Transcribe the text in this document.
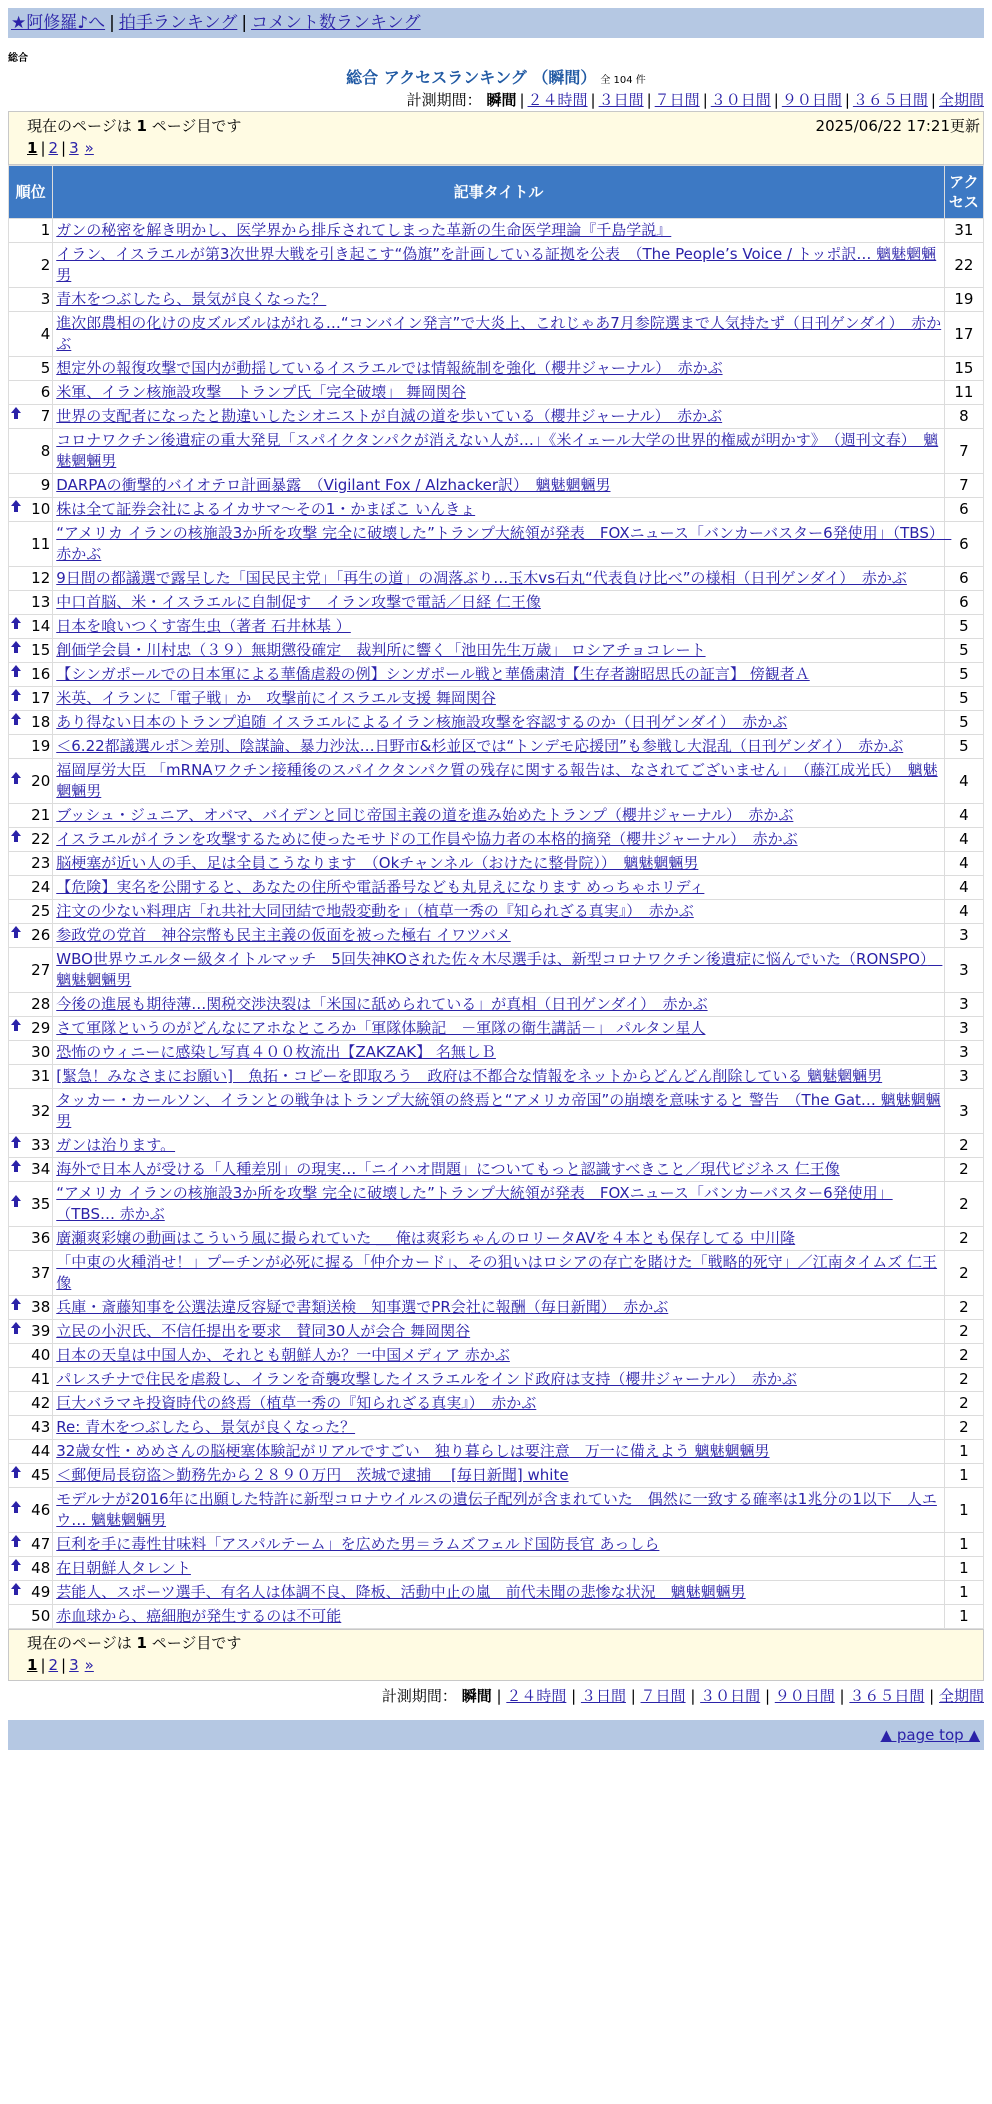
★阿修羅♪へ | 拍手ランキング | コメント数ランキング
総合
総合 アクセスランキング （瞬間） 全 104 件
計測期間： 瞬間 | ２４時間 | ３日間 | ７日間 | ３０日間 | ９０日間 | ３６５日間 | 全期間
現在のページは 1 ページ目です	2025/06/22 17:21更新
1 | 2 | 3 »
順位	記事タイトル	アクセス
1	ガンの秘密を解き明かし、医学界から排斥されてしまった革新の生命医学理論『千島学説』	31
2	イラン、イスラエルが第3次世界大戦を引き起こす“偽旗”を計画している証拠を公表　（The People’s Voice / トッポ訳… 魑魅魍魎男	22
3	青木をつぶしたら、景気が良くなった？	19
4	進次郎農相の化けの皮ズルズルはがれる…“コンバイン発言”で大炎上、これじゃあ7月参院選まで人気持たず（日刊ゲンダイ）　赤かぶ	17
5	想定外の報復攻撃で国内が動揺しているイスラエルでは情報統制を強化（櫻井ジャーナル）　赤かぶ	15
6	米軍、イラン核施設攻撃　トランプ氏「完全破壊」 舞岡関谷	11

7	世界の支配者になったと勘違いしたシオニストが自滅の道を歩いている（櫻井ジャーナル）　赤かぶ	8
8	コロナワクチン後遺症の重大発見「スパイクタンパクが消えない人が…」《米イェール大学の世界的権威が明かす》　（週刊文春）　魑魅魍魎男	7
9	DARPAの衝撃的バイオテロ計画暴露　（Vigilant Fox / Alzhacker訳）　魑魅魍魎男	7

10	株は全て証券会社によるイカサマ〜その1・かまぼこ いんきょ	6
11	“アメリカ イランの核施設3か所を攻撃 完全に破壊した”トランプ大統領が発表　FOXニュース「バンカーバスター6発使用」（TBS）　赤かぶ	6
12	9日間の都議選で露呈した「国民民主党」「再生の道」の凋落ぶり…玉木vs石丸“代表負け比べ”の様相（日刊ゲンダイ）　赤かぶ	6
13	中口首脳、米・イスラエルに自制促す　イラン攻撃で電話／日経 仁王像	6

14	日本を喰いつくす寄生虫（著者 石井林基 ）	5

15	創価学会員・川村忠（３９）無期懲役確定　裁判所に響く「池田先生万歳」 ロシアチョコレート	5

16	【シンガポールでの日本軍による華僑虐殺の例】シンガポール戦と華僑粛清【生存者謝昭思氏の証言】 傍観者Ａ	5

17	米英、イランに「電子戦」か　攻撃前にイスラエル支援 舞岡関谷	5

18	あり得ない日本のトランプ追随 イスラエルによるイラン核施設攻撃を容認するのか（日刊ゲンダイ）　赤かぶ	5
19	＜6.22都議選ルポ＞差別、陰謀論、暴力沙汰…日野市&杉並区では“トンデモ応援団”も参戦し大混乱（日刊ゲンダイ）　赤かぶ	5

20	福岡厚労大臣 「mRNAワクチン接種後のスパイクタンパク質の残存に関する報告は、なされてございません」　（藤江成光氏）　魑魅魍魎男	4
21	ブッシュ・ジュニア、オバマ、バイデンと同じ帝国主義の道を進み始めたトランプ（櫻井ジャーナル）　赤かぶ	4

22	イスラエルがイランを攻撃するために使ったモサドの工作員や協力者の本格的摘発（櫻井ジャーナル）　赤かぶ	4
23	脳梗塞が近い人の手、足は全員こうなります　（Okチャンネル（おけたに整骨院））　魑魅魍魎男	4
24	【危険】実名を公開すると、あなたの住所や電話番号なども丸見えになります めっちゃホリディ	4
25	注文の少ない料理店「れ共社大同団結で地殻変動を」（植草一秀の『知られざる真実』）　赤かぶ	4

26	参政党の党首　神谷宗幣も民主主義の仮面を被った極右 イワツバメ	3
27	WBO世界ウエルター級タイトルマッチ　5回失神KOされた佐々木尽選手は、新型コロナワクチン後遺症に悩んでいた（RONSPO）　魑魅魍魎男	3
28	今後の進展も期待薄…関税交渉決裂は「米国に舐められている」が真相（日刊ゲンダイ）　赤かぶ	3

29	さて軍隊というのがどんなにアホなところか「軍隊体験記　－軍隊の衛生講話－」 パルタン星人	3
30	恐怖のウィニーに感染し写真４００枚流出【ZAKZAK】 名無しＢ	3
31	[緊急！みなさまにお願い]　魚拓・コピーを即取ろう　政府は不都合な情報をネットからどんどん削除している 魑魅魍魎男	3
32	タッカー・カールソン、イランとの戦争はトランプ大統領の終焉と“アメリカ帝国”の崩壊を意味すると 警告　（The Gat… 魑魅魍魎男	3

33	ガンは治ります。	2

34	海外で日本人が受ける「人種差別」の現実…「ニイハオ問題」についてもっと認識すべきこと／現代ビジネス 仁王像	2

35	“アメリカ イランの核施設3か所を攻撃 完全に破壊した”トランプ大統領が発表　FOXニュース「バンカーバスター6発使用」（TBS… 赤かぶ	2
36	廣瀬爽彩嬢の動画はこういう風に撮られていた ＿ 俺は爽彩ちゃんのロリータAVを４本とも保存してる 中川隆	2
37	「中東の火種消せ！」プーチンが必死に握る「仲介カード」、その狙いはロシアの存亡を賭けた「戦略的死守」／江南タイムズ 仁王像	2

38	兵庫・斎藤知事を公選法違反容疑で書類送検　知事選でPR会社に報酬（毎日新聞）　赤かぶ	2

39	立民の小沢氏、不信任提出を要求　賛同30人が会合 舞岡関谷	2
40	日本の天皇は中国人か、それとも朝鮮人か？一中国メディア 赤かぶ	2
41	パレスチナで住民を虐殺し、イランを奇襲攻撃したイスラエルをインド政府は支持（櫻井ジャーナル）　赤かぶ	2
42	巨大バラマキ投資時代の終焉（植草一秀の『知られざる真実』）　赤かぶ	2
43	Re: 青木をつぶしたら、景気が良くなった？	2
44	32歳女性・めめさんの脳梗塞体験記がリアルですごい　独り暮らしは要注意　万一に備えよう 魑魅魍魎男	1

45	＜郵便局長窃盗＞勤務先から２８９０万円　茨城で逮捕 　[毎日新聞] white	1

46	モデルナが2016年に出願した特許に新型コロナウイルスの遺伝子配列が含まれていた　偶然に一致する確率は1兆分の1以下　人エウ… 魑魅魍魎男	1

47	巨利を手に毒性甘味料「アスパルテーム」を広めた男＝ラムズフェルド国防長官 あっしら	1

48	在日朝鮮人タレント	1

49	芸能人、スポーツ選手、有名人は体調不良、降板、活動中止の嵐　前代未聞の悲惨な状況　魑魅魍魎男	1
50	赤血球から、癌細胞が発生するのは不可能	1
現在のページは 1 ページ目です
1 | 2 | 3 »
計測期間： 瞬間 | ２４時間 | ３日間 | ７日間 | ３０日間 | ９０日間 | ３６５日間 | 全期間
▲ page top ▲
